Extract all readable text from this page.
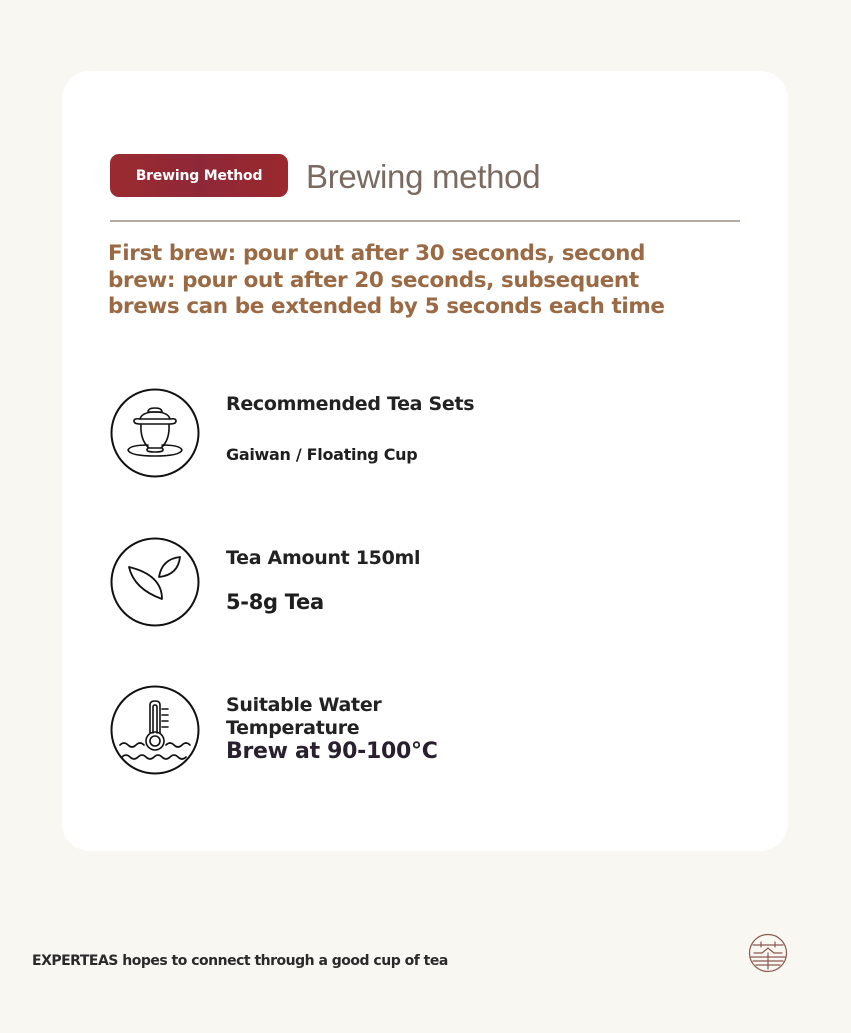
Brewing Method	Brewing method
First brew: pour out after 30 seconds, second brew: pour out after 20 seconds, subsequent brews can be extended by 5 seconds each time
Recommended Tea Sets
Gaiwan / Floating Cup
Tea Amount 150ml
5-8g Tea
Suitable Water Temperature
Brew at 90-100°C
EXPERTEAS hopes to connect through a good cup of tea
